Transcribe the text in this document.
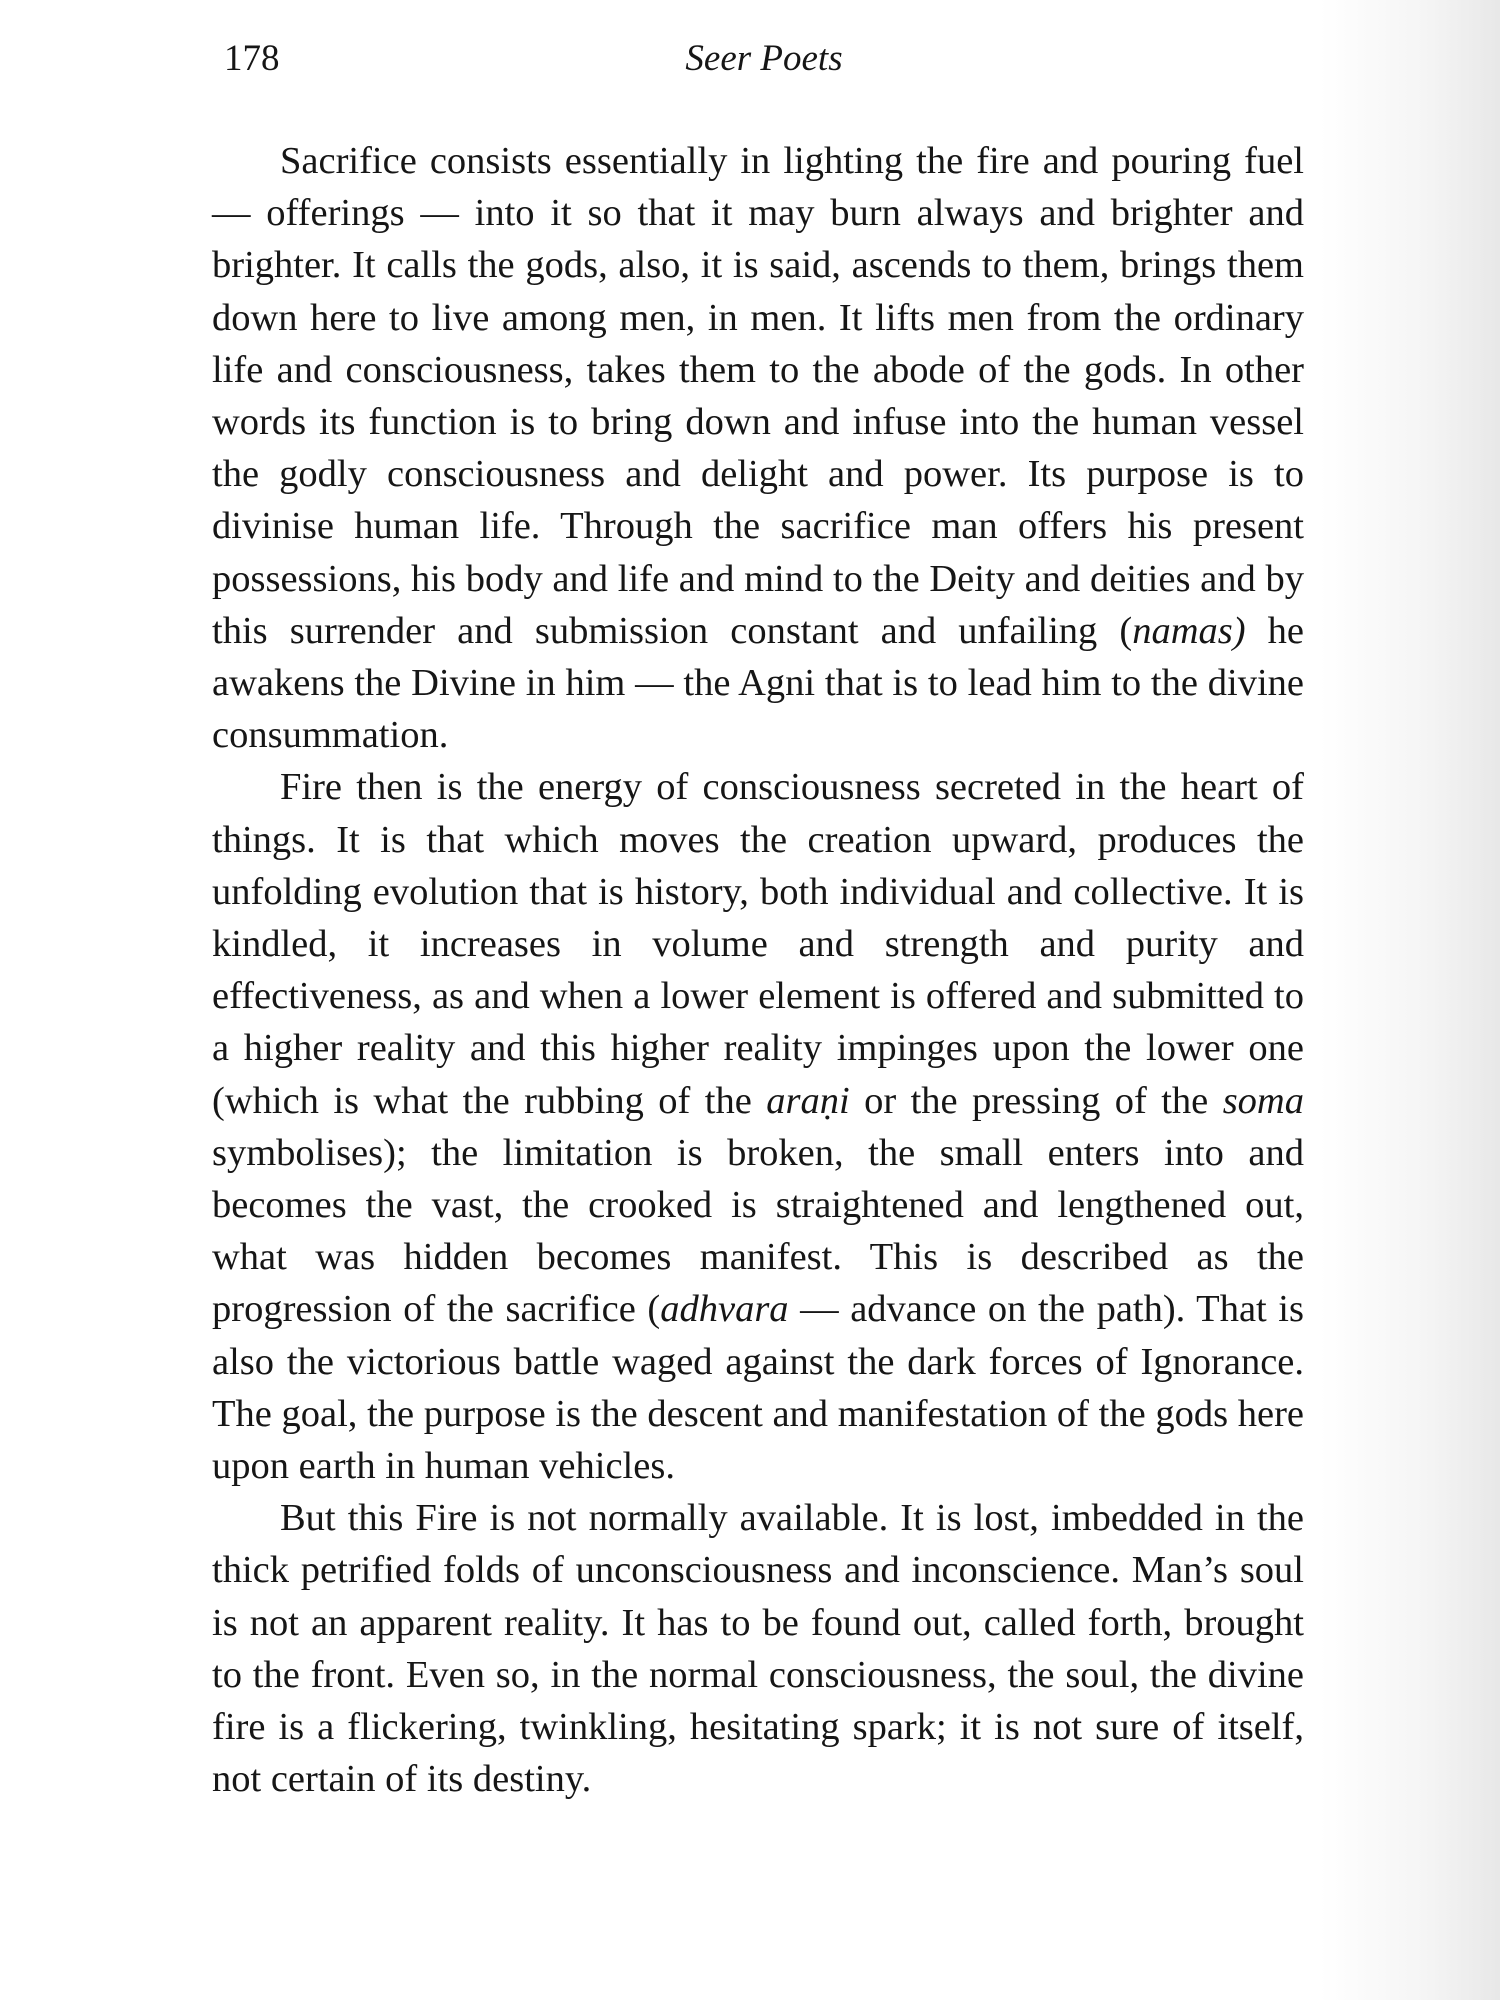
178	Seer Poets

Sacrifice consists essentially in lighting the fire and pouring fuel — offerings — into it so that it may burn always and brighter and brighter. It calls the gods, also, it is said, ascends to them, brings them down here to live among men, in men. It lifts men from the ordinary life and consciousness, takes them to the abode of the gods. In other words its function is to bring down and infuse into the human vessel the godly consciousness and delight and power. Its purpose is to divinise human life. Through the sacrifice man offers his present possessions, his body and life and mind to the Deity and deities and by this surrender and submission constant and unfailing (namas) he awakens the Divine in him — the Agni that is to lead him to the divine consummation.

Fire then is the energy of consciousness secreted in the heart of things. It is that which moves the creation upward, produces the unfolding evolution that is history, both individual and collective. It is kindled, it increases in volume and strength and purity and effectiveness, as and when a lower element is offered and submitted to a higher reality and this higher reality impinges upon the lower one (which is what the rubbing of the araṇi or the pressing of the soma symbolises); the limitation is broken, the small enters into and becomes the vast, the crooked is straightened and lengthened out, what was hidden becomes manifest. This is described as the progression of the sacrifice (adhvara — advance on the path). That is also the victorious battle waged against the dark forces of Ignorance. The goal, the purpose is the descent and manifestation of the gods here upon earth in human vehicles.

But this Fire is not normally available. It is lost, imbedded in the thick petrified folds of unconsciousness and inconscience. Man’s soul is not an apparent reality. It has to be found out, called forth, brought to the front. Even so, in the normal consciousness, the soul, the divine fire is a flickering, twinkling, hesitating spark; it is not sure of itself, not certain of its destiny.
